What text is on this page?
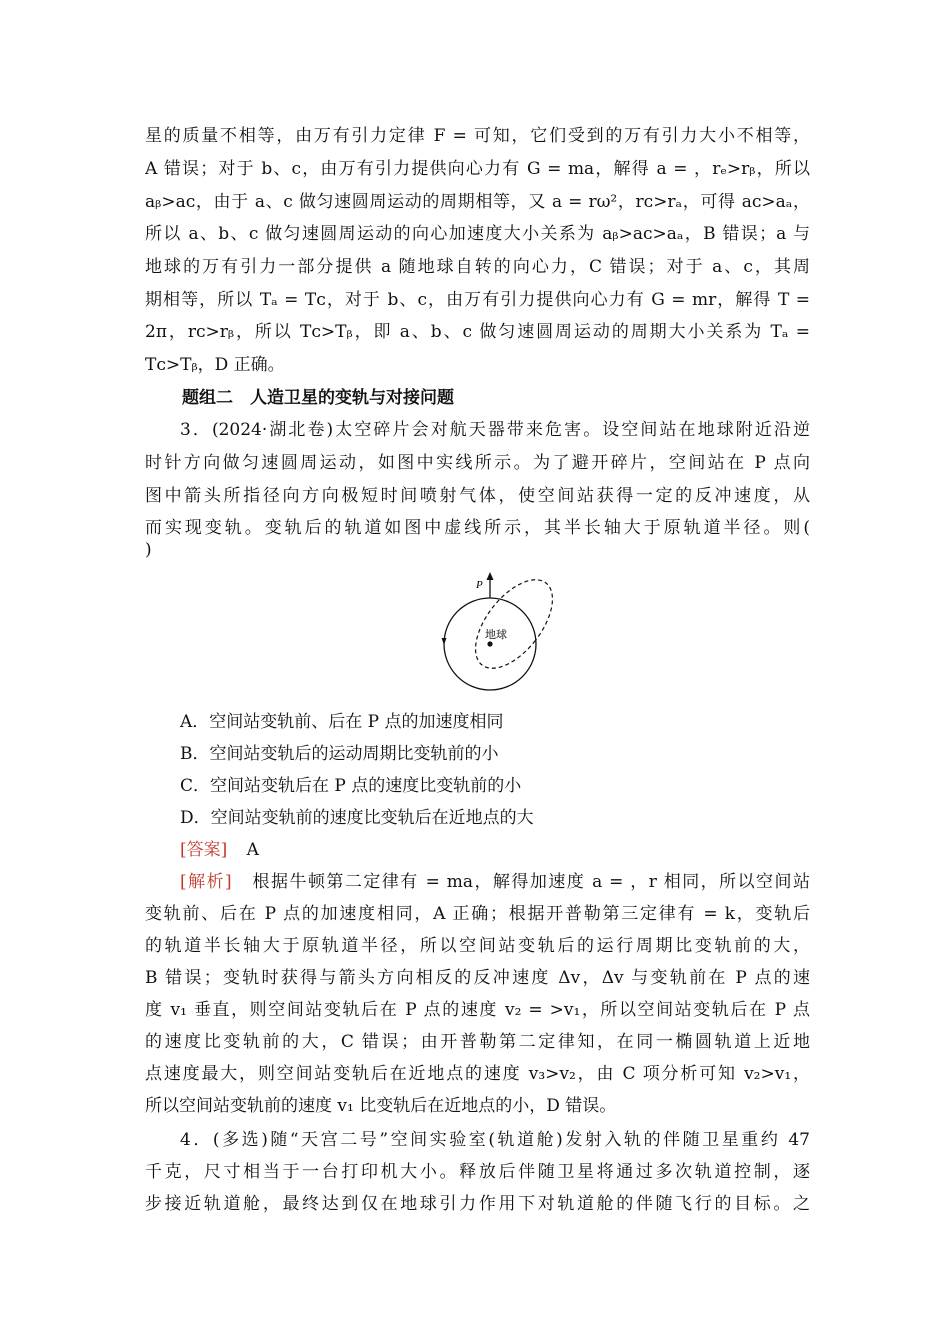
星的质量不相等，由万有引力定律 F = 可知，它们受到的万有引力大小不相等，
A 错误；对于 b、c，由万有引力提供向心力有 G = ma，解得 a = ，rₑ>rᵦ，所以
aᵦ>aᴄ，由于 a、c 做匀速圆周运动的周期相等，又 a = rω²，rᴄ>rₐ，可得 aᴄ>aₐ，
所以 a、b、c 做匀速圆周运动的向心加速度大小关系为 aᵦ>aᴄ>aₐ，B 错误；a 与
地球的万有引力一部分提供 a 随地球自转的向心力，C 错误；对于 a、c，其周
期相等，所以 Tₐ = Tᴄ，对于 b、c，由万有引力提供向心力有 G = mr，解得 T =
2π，rᴄ>rᵦ，所以 Tᴄ>Tᵦ，即 a、b、c 做匀速圆周运动的周期大小关系为 Tₐ =
Tᴄ>Tᵦ，D 正确。
题组二　人造卫星的变轨与对接问题
3．(2024·湖北卷)太空碎片会对航天器带来危害。设空间站在地球附近沿逆
时针方向做匀速圆周运动，如图中实线所示。为了避开碎片，空间站在 P 点向
图中箭头所指径向方向极短时间喷射气体，使空间站获得一定的反冲速度，从
而实现变轨。变轨后的轨道如图中虚线所示，其半长轴大于原轨道半径。则(
)
P
地球
A．空间站变轨前、后在 P 点的加速度相同
B．空间站变轨后的运动周期比变轨前的小
C．空间站变轨后在 P 点的速度比变轨前的小
D．空间站变轨前的速度比变轨后在近地点的大
[答案] A
[解析] 根据牛顿第二定律有 = ma，解得加速度 a = ，r 相同，所以空间站
变轨前、后在 P 点的加速度相同，A 正确；根据开普勒第三定律有 = k，变轨后
的轨道半长轴大于原轨道半径，所以空间站变轨后的运行周期比变轨前的大，
B 错误；变轨时获得与箭头方向相反的反冲速度 Δv，Δv 与变轨前在 P 点的速
度 v₁ 垂直，则空间站变轨后在 P 点的速度 v₂ = >v₁，所以空间站变轨后在 P 点
的速度比变轨前的大，C 错误；由开普勒第二定律知，在同一椭圆轨道上近地
点速度最大，则空间站变轨后在近地点的速度 v₃>v₂，由 C 项分析可知 v₂>v₁，
所以空间站变轨前的速度 v₁ 比变轨后在近地点的小，D 错误。
4．(多选)随“天宫二号”空间实验室(轨道舱)发射入轨的伴随卫星重约 47
千克，尺寸相当于一台打印机大小。释放后伴随卫星将通过多次轨道控制，逐
步接近轨道舱，最终达到仅在地球引力作用下对轨道舱的伴随飞行的目标。之
